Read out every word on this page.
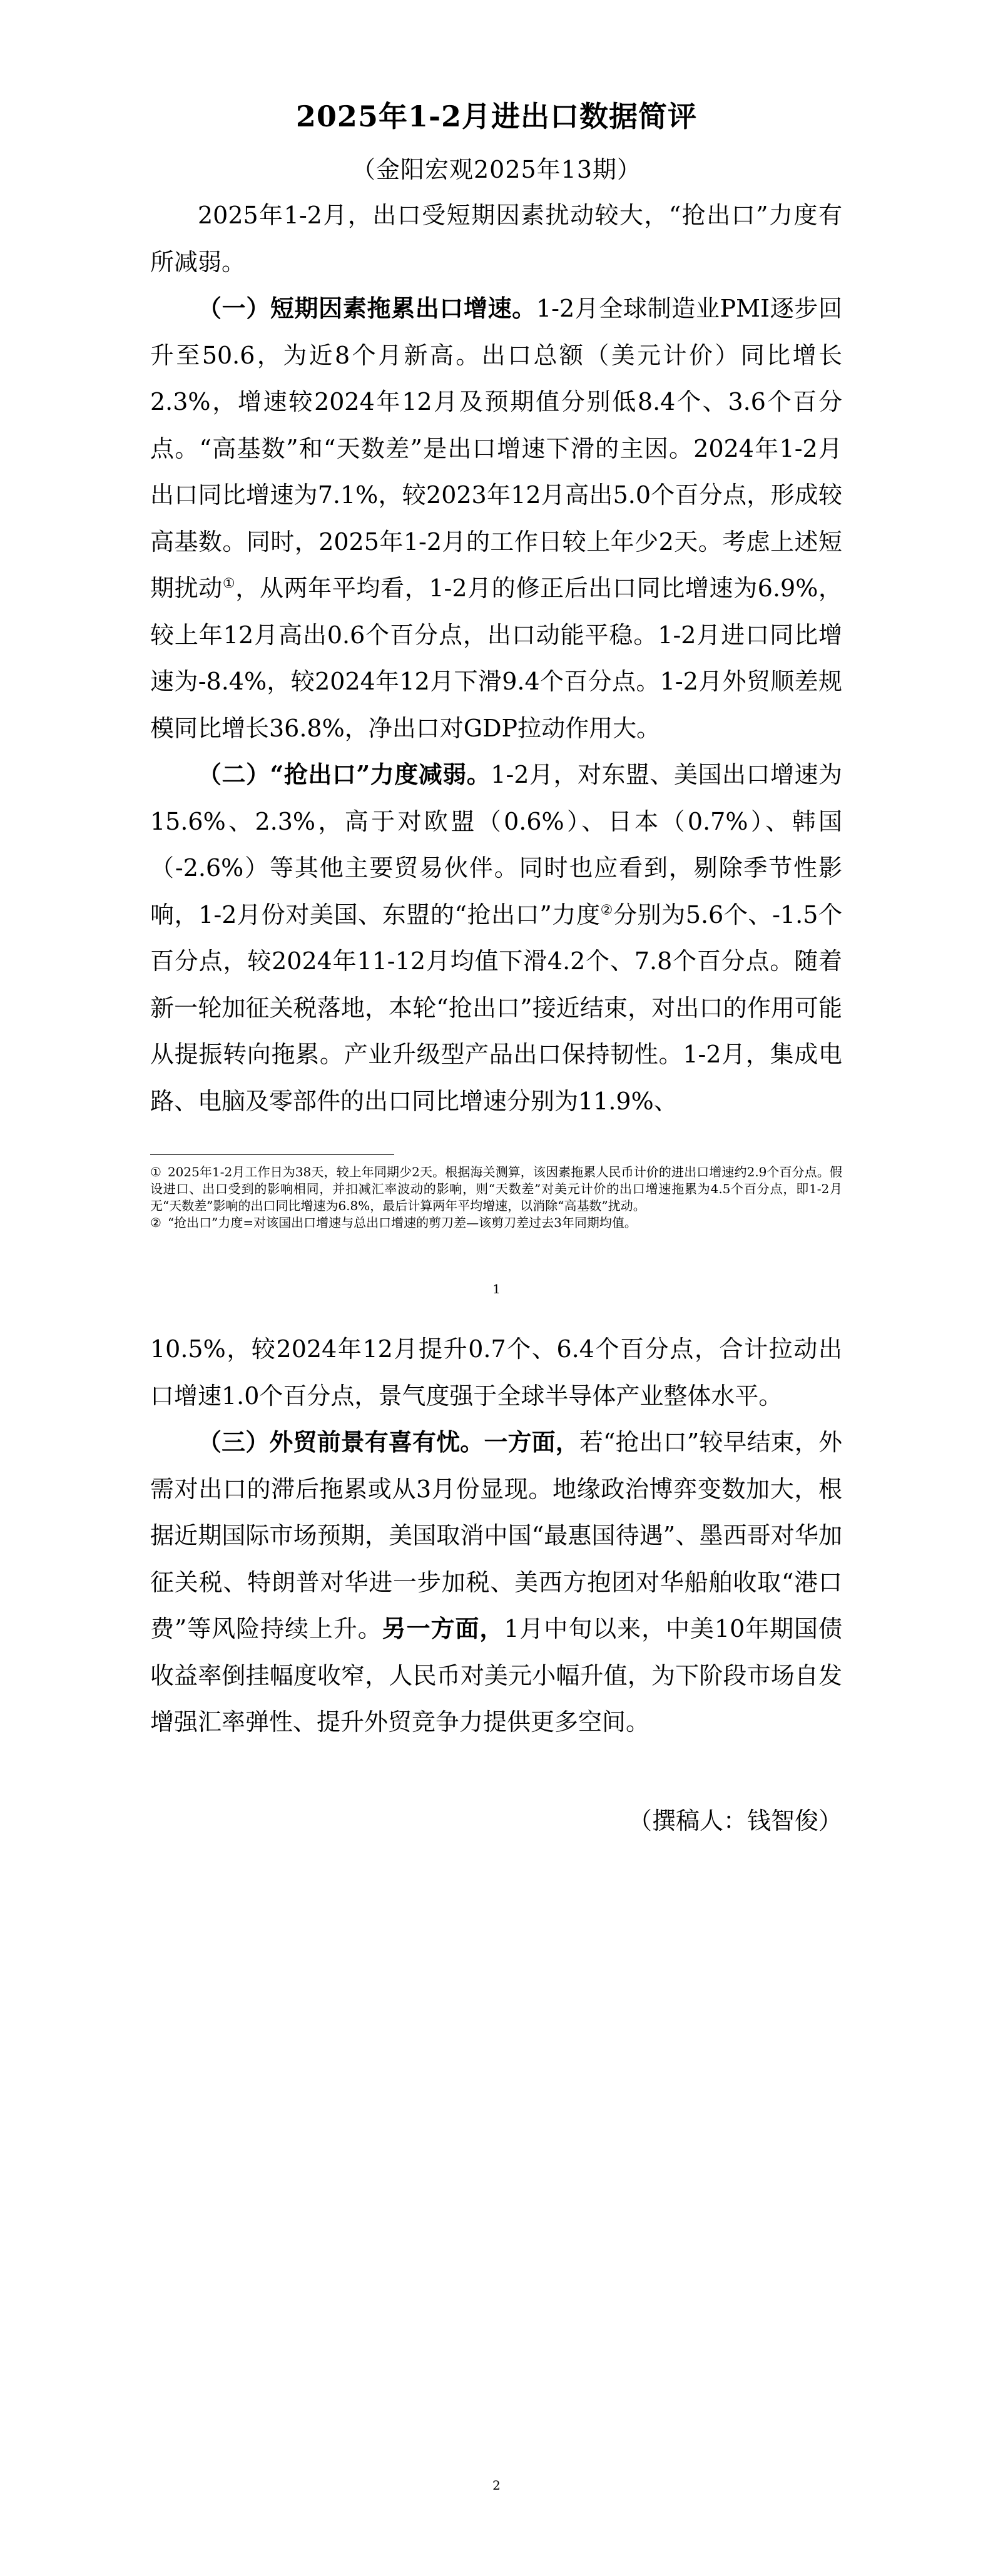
2025年1-2月进出口数据简评
（金阳宏观2025年13期）

2025年1-2月，出口受短期因素扰动较大，“抢出口”力度有所减弱。

（一）短期因素拖累出口增速。1-2月全球制造业PMI逐步回升至50.6，为近8个月新高。出口总额（美元计价）同比增长2.3%，增速较2024年12月及预期值分别低8.4个、3.6个百分点。“高基数”和“天数差”是出口增速下滑的主因。2024年1-2月出口同比增速为7.1%，较2023年12月高出5.0个百分点，形成较高基数。同时，2025年1-2月的工作日较上年少2天。考虑上述短期扰动①，从两年平均看，1-2月的修正后出口同比增速为6.9%，较上年12月高出0.6个百分点，出口动能平稳。1-2月进口同比增速为-8.4%，较2024年12月下滑9.4个百分点。1-2月外贸顺差规模同比增长36.8%，净出口对GDP拉动作用大。

（二）“抢出口”力度减弱。1-2月，对东盟、美国出口增速为15.6%、2.3%，高于对欧盟（0.6%）、日本（0.7%）、韩国（-2.6%）等其他主要贸易伙伴。同时也应看到，剔除季节性影响，1-2月份对美国、东盟的“抢出口”力度②分别为5.6个、-1.5个百分点，较2024年11-12月均值下滑4.2个、7.8个百分点。随着新一轮加征关税落地，本轮“抢出口”接近结束，对出口的作用可能从提振转向拖累。产业升级型产品出口保持韧性。1-2月，集成电路、电脑及零部件的出口同比增速分别为11.9%、

① 2025年1-2月工作日为38天，较上年同期少2天。根据海关测算，该因素拖累人民币计价的进出口增速约2.9个百分点。假设进口、出口受到的影响相同，并扣减汇率波动的影响，则“天数差”对美元计价的出口增速拖累为4.5个百分点，即1-2月无“天数差”影响的出口同比增速为6.8%，最后计算两年平均增速，以消除“高基数”扰动。

② “抢出口”力度=对该国出口增速与总出口增速的剪刀差—该剪刀差过去3年同期均值。

1

10.5%，较2024年12月提升0.7个、6.4个百分点，合计拉动出口增速1.0个百分点，景气度强于全球半导体产业整体水平。

（三）外贸前景有喜有忧。一方面，若“抢出口”较早结束，外需对出口的滞后拖累或从3月份显现。地缘政治博弈变数加大，根据近期国际市场预期，美国取消中国“最惠国待遇”、墨西哥对华加征关税、特朗普对华进一步加税、美西方抱团对华船舶收取“港口费”等风险持续上升。另一方面，1月中旬以来，中美10年期国债收益率倒挂幅度收窄，人民币对美元小幅升值，为下阶段市场自发增强汇率弹性、提升外贸竞争力提供更多空间。

（撰稿人：钱智俊）
2
